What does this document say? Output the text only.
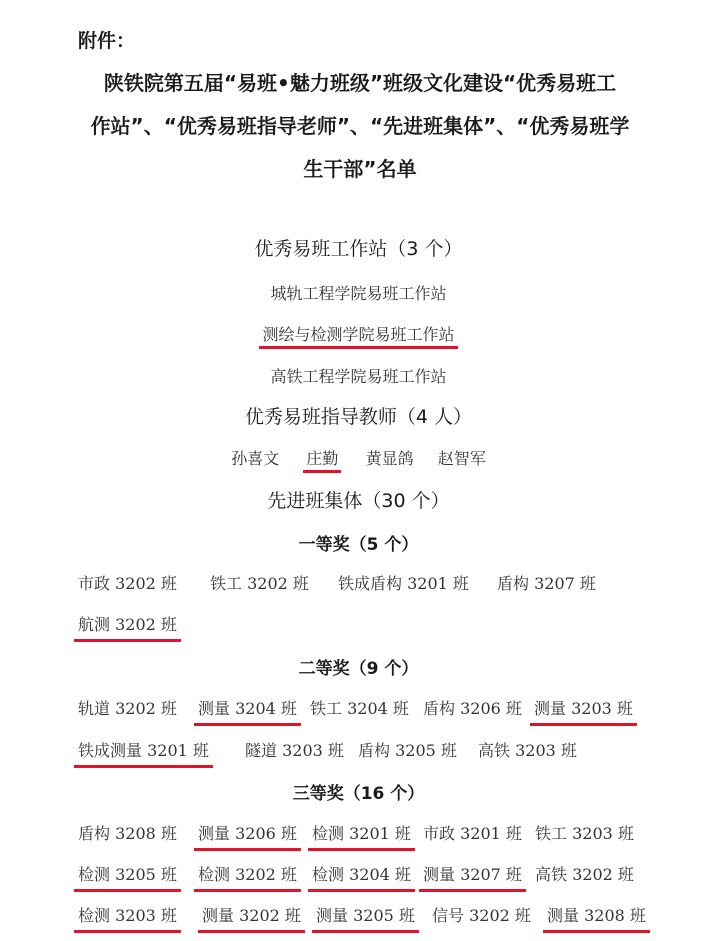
附件：
陕铁院第五届“易班•魅力班级”班级文化建设“优秀易班工
作站”、“优秀易班指导老师”、“先进班集体”、“优秀易班学
生干部”名单
优秀易班工作站（3 个）
城轨工程学院易班工作站
测绘与检测学院易班工作站
高铁工程学院易班工作站
优秀易班指导教师（4 人）
孙喜文 庄勤 黄显鸽 赵智军
先进班集体（30 个）
一等奖（5 个）
市政 3202 班 铁工 3202 班 铁成盾构 3201 班 盾构 3207 班
航测 3202 班
二等奖（9 个）
轨道 3202 班 测量 3204 班 铁工 3204 班 盾构 3206 班 测量 3203 班
铁成测量 3201 班 隧道 3203 班 盾构 3205 班 高铁 3203 班
三等奖（16 个）
盾构 3208 班 测量 3206 班 检测 3201 班 市政 3201 班 铁工 3203 班
检测 3205 班 检测 3202 班 检测 3204 班 测量 3207 班 高铁 3202 班
检测 3203 班 测量 3202 班 测量 3205 班 信号 3202 班 测量 3208 班
